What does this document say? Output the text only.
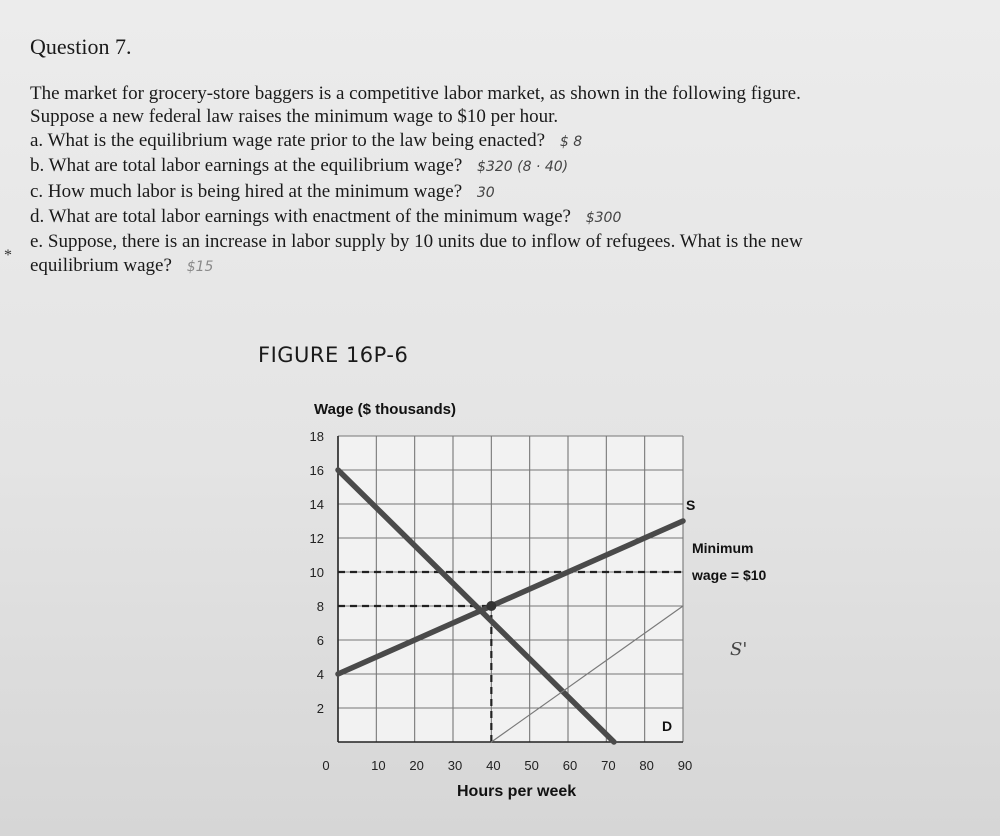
Question 7.
*
The market for grocery-store baggers is a competitive labor market, as shown in the following figure.
Suppose a new federal law raises the minimum wage to $10 per hour.
a. What is the equilibrium wage rate prior to the law being enacted? $ 8
b. What are total labor earnings at the equilibrium wage? $320 (8 · 40)
c. How much labor is being hired at the minimum wage? 30
d. What are total labor earnings with enactment of the minimum wage? $300
e. Suppose, there is an increase in labor supply by 10 units due to inflow of refugees. What is the new
equilibrium wage? $15
FIGURE 16P-6
2
4
6
8
10
12
14
16
18
0	10 20 30 40 50 60 70 80 90
Wage ($ thousands)
Hours per week
S
D
Minimum
wage = $10
S'
